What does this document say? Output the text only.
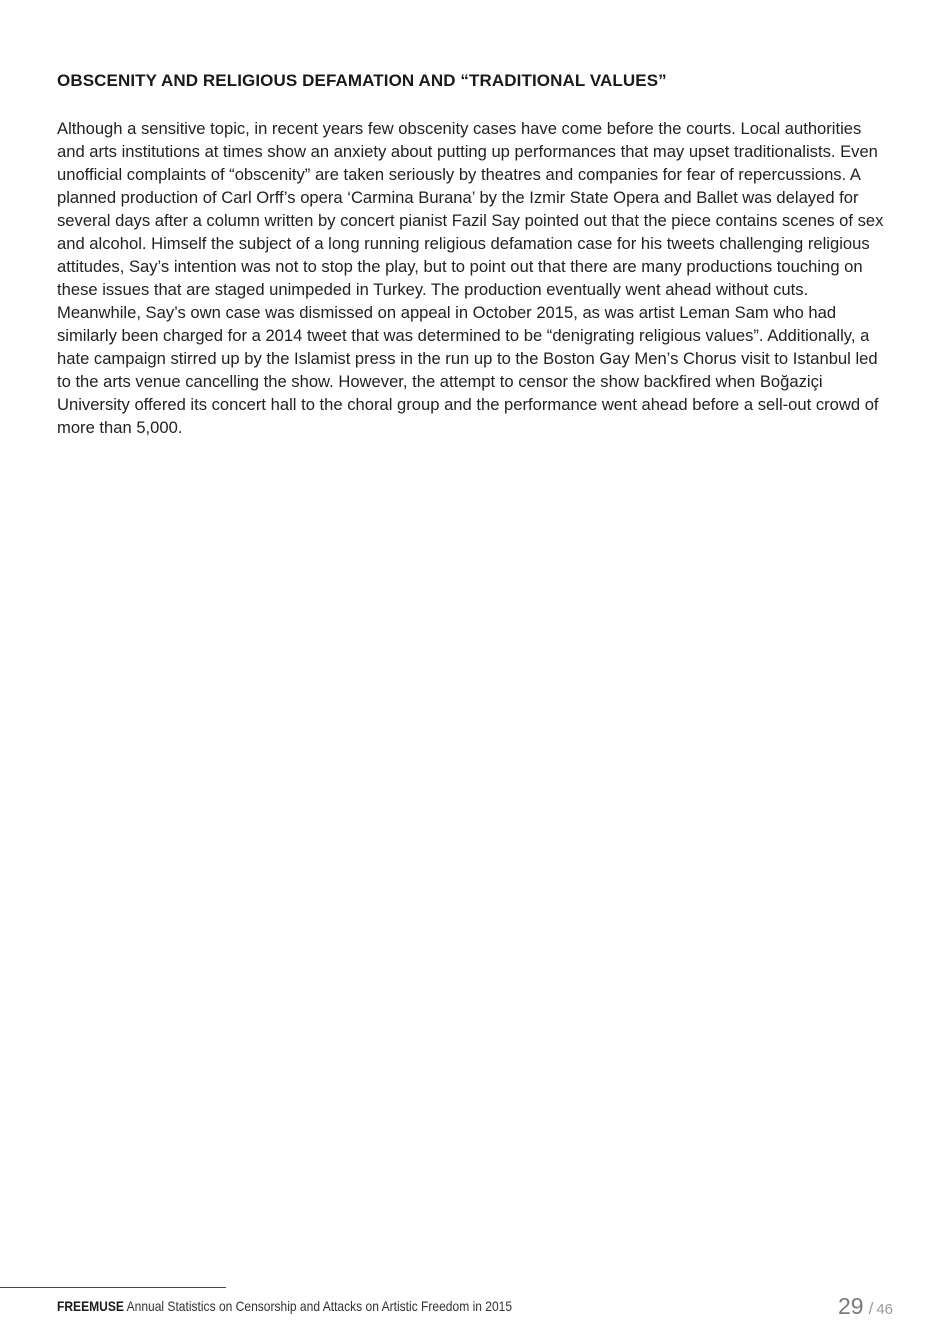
OBSCENITY AND RELIGIOUS DEFAMATION AND “TRADITIONAL VALUES”

Although a sensitive topic, in recent years few obscenity cases have come before the courts. Local authorities and arts institutions at times show an anxiety about putting up performances that may upset traditionalists. Even unofficial complaints of “obscenity” are taken seriously by theatres and companies for fear of repercussions. A planned production of Carl Orff’s opera ‘Carmina Burana’ by the Izmir State Opera and Ballet was delayed for several days after a column written by concert pianist Fazil Say pointed out that the piece contains scenes of sex and alcohol. Himself the subject of a long running religious defamation case for his tweets challenging religious attitudes, Say’s intention was not to stop the play, but to point out that there are many productions touching on these issues that are staged unimpeded in Turkey. The production eventually went ahead without cuts. Meanwhile, Say’s own case was dismissed on appeal in October 2015, as was artist Leman Sam who had similarly been charged for a 2014 tweet that was determined to be “denigrating religious values”. Additionally, a hate campaign stirred up by the Islamist press in the run up to the Boston Gay Men’s Chorus visit to Istanbul led to the arts venue cancelling the show. However, the attempt to censor the show backfired when Boğaziçi University offered its concert hall to the choral group and the performance went ahead before a sell-out crowd of more than 5,000.

FREEMUSE Annual Statistics on Censorship and Attacks on Artistic Freedom in 2015	29 / 46
